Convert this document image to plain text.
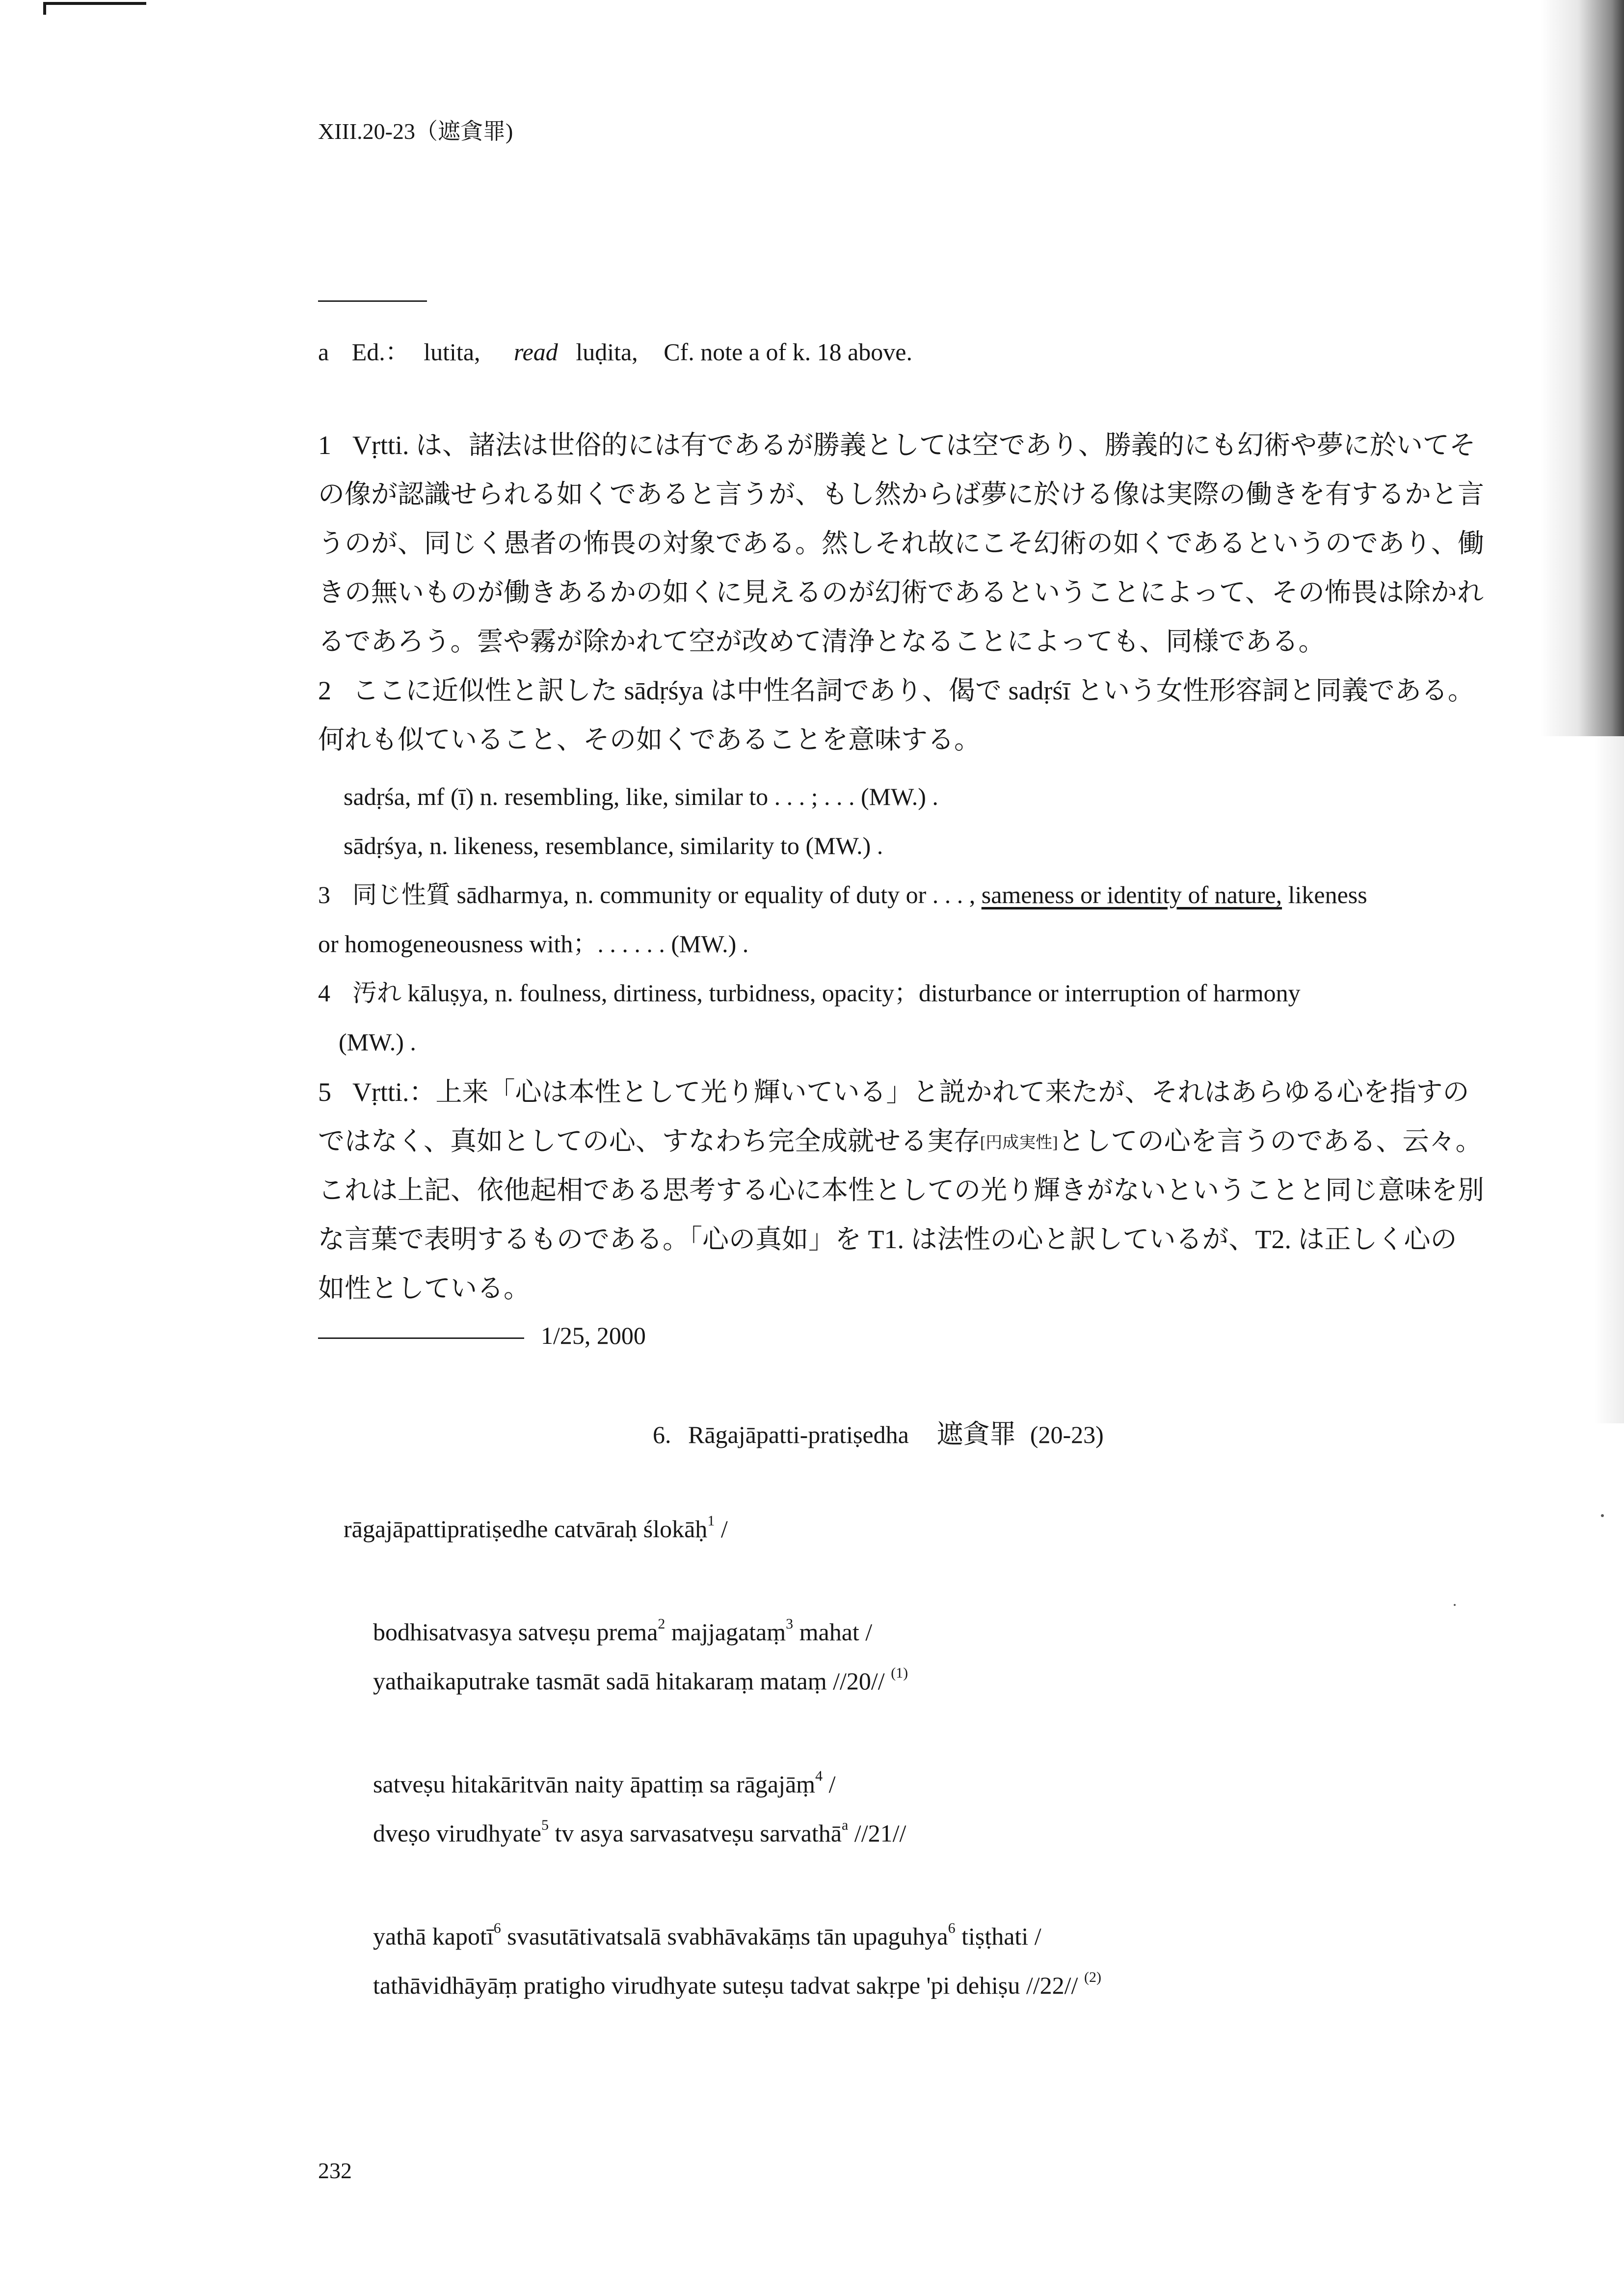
XIII.20-23（遮貪罪)
a Ed.： lutita, read luḍita, Cf. note a of k. 18 above.
1 Vṛtti. は、諸法は世俗的には有であるが勝義としては空であり、勝義的にも幻術や夢に於いてそ
の像が認識せられる如くであると言うが、もし然からば夢に於ける像は実際の働きを有するかと言
うのが、同じく愚者の怖畏の対象である。然しそれ故にこそ幻術の如くであるというのであり、働
きの無いものが働きあるかの如くに見えるのが幻術であるということによって、その怖畏は除かれ
るであろう。雲や霧が除かれて空が改めて清浄となることによっても、同様である。
2 ここに近似性と訳した sādṛśya は中性名詞であり、偈で sadṛśī という女性形容詞と同義である。
何れも似ていること、その如くであることを意味する。
sadṛśa, mf (ī) n. resembling, like, similar to . . . ; . . . (MW.) .
sādṛśya, n. likeness, resemblance, similarity to (MW.) .
3 同じ性質 sādharmya, n. community or equality of duty or . . . , sameness or identity of nature, likeness
or homogeneousness with；. . . . . . (MW.) .
4 汚れ kāluṣya, n. foulness, dirtiness, turbidness, opacity；disturbance or interruption of harmony
(MW.) .
5 Vṛtti.：上来「心は本性として光り輝いている」と説かれて来たが、それはあらゆる心を指すの
ではなく、真如としての心、すなわち完全成就せる実存[円成実性]としての心を言うのである、云々。
これは上記、依他起相である思考する心に本性としての光り輝きがないということと同じ意味を別
な言葉で表明するものである。「心の真如」を T1. は法性の心と訳しているが、T2. は正しく心の
如性としている。
1/25, 2000
6. Rāgajāpatti-pratiṣedha 遮貪罪 (20-23)
rāgajāpattipratiṣedhe catvāraḥ ślokāḥ$^1$ /
bodhisatvasya satveṣu prema$^2$ majjagataṃ$^3$ mahat /
yathaikaputrake tasmāt sadā hitakaraṃ mataṃ //20// $^{(1)}$
satveṣu hitakāritvān naity āpattiṃ sa rāgajāṃ$^4$ /
dveṣo virudhyate$^5$ tv asya sarvasatveṣu sarvathā$^a$ //21//
yathā kapotī$^6$ svasutātivatsalā svabhāvakāṃs tān upaguhya$^6$ tiṣṭhati /
tathāvidhāyāṃ pratigho virudhyate suteṣu tadvat sakṛpe 'pi dehiṣu //22// $^{(2)}$
232
